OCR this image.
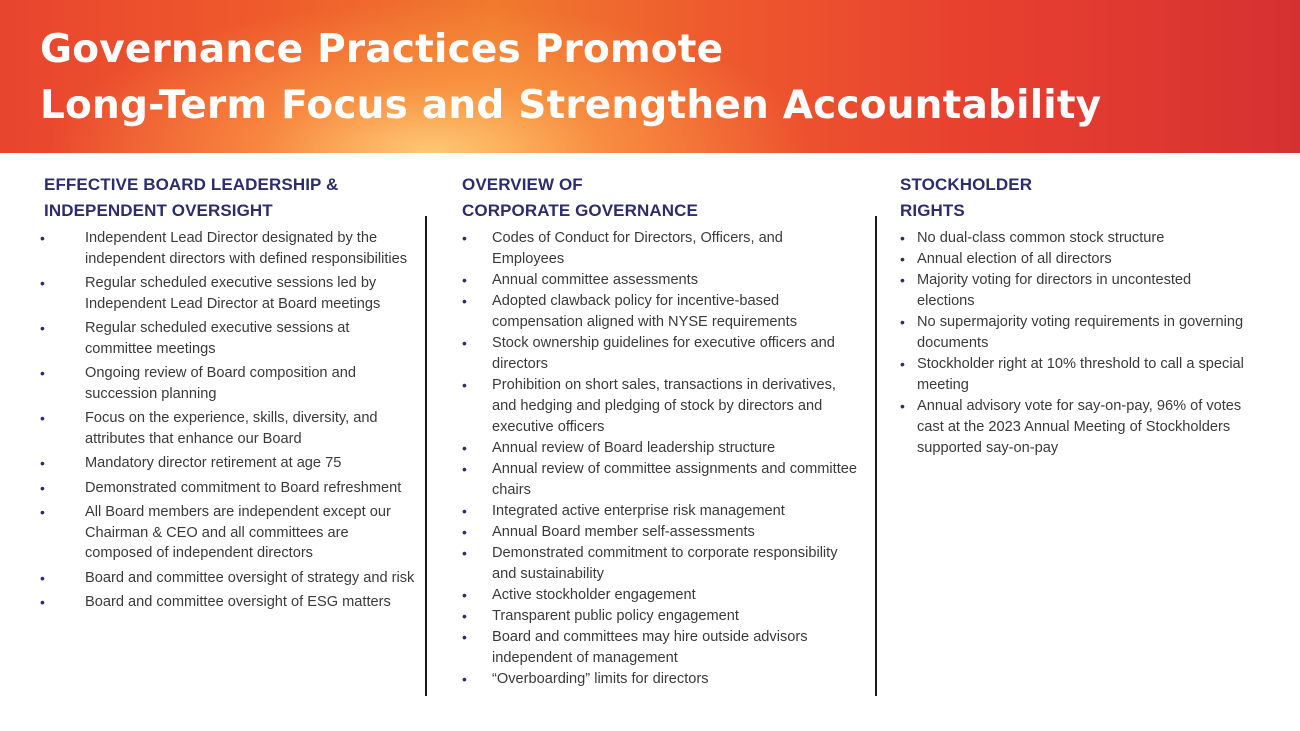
Governance Practices Promote
Long-Term Focus and Strengthen Accountability
EFFECTIVE BOARD LEADERSHIP &
INDEPENDENT OVERSIGHT
• Independent Lead Director designated by the independent directors with defined responsibilities
• Regular scheduled executive sessions led by Independent Lead Director at Board meetings
• Regular scheduled executive sessions at committee meetings
• Ongoing review of Board composition and succession planning
• Focus on the experience, skills, diversity, and attributes that enhance our Board
• Mandatory director retirement at age 75
• Demonstrated commitment to Board refreshment
• All Board members are independent except our Chairman & CEO and all committees are composed of independent directors
• Board and committee oversight of strategy and risk
• Board and committee oversight of ESG matters
OVERVIEW OF
CORPORATE GOVERNANCE
• Codes of Conduct for Directors, Officers, and Employees
• Annual committee assessments
• Adopted clawback policy for incentive-based compensation aligned with NYSE requirements
• Stock ownership guidelines for executive officers and directors
• Prohibition on short sales, transactions in derivatives, and hedging and pledging of stock by directors and executive officers
• Annual review of Board leadership structure
• Annual review of committee assignments and committee chairs
• Integrated active enterprise risk management
• Annual Board member self-assessments
• Demonstrated commitment to corporate responsibility and sustainability
• Active stockholder engagement
• Transparent public policy engagement
• Board and committees may hire outside advisors independent of management
• “Overboarding” limits for directors
STOCKHOLDER
RIGHTS
• No dual-class common stock structure
• Annual election of all directors
• Majority voting for directors in uncontested elections
• No supermajority voting requirements in governing documents
• Stockholder right at 10% threshold to call a special meeting
• Annual advisory vote for say-on-pay, 96% of votes cast at the 2023 Annual Meeting of Stockholders supported say-on-pay
